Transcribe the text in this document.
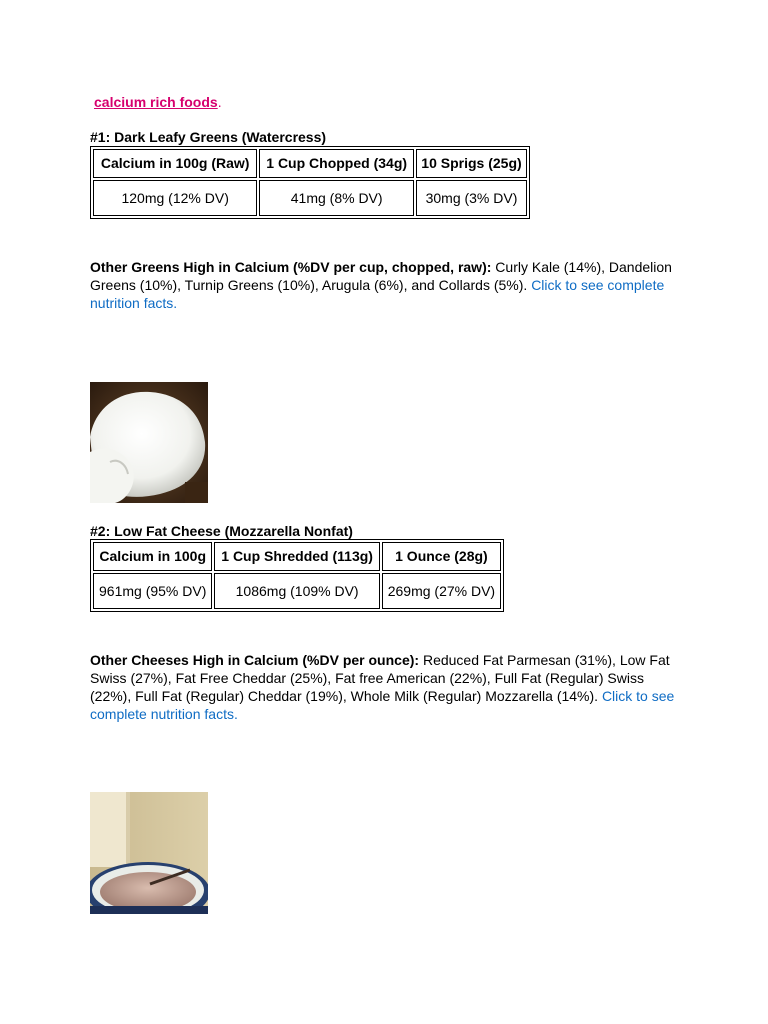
calcium rich foods.
#1: Dark Leafy Greens (Watercress)
Calcium in 100g (Raw)	1 Cup Chopped (34g)	10 Sprigs (25g)
120mg (12% DV)	41mg (8% DV)	30mg (3% DV)
Other Greens High in Calcium (%DV per cup, chopped, raw): Curly Kale (14%), Dandelion Greens (10%), Turnip Greens (10%), Arugula (6%), and Collards (5%). Click to see complete nutrition facts.
#2: Low Fat Cheese (Mozzarella Nonfat)
Calcium in 100g	1 Cup Shredded (113g)	1 Ounce (28g)
961mg (95% DV)	1086mg (109% DV)	269mg (27% DV)
Other Cheeses High in Calcium (%DV per ounce): Reduced Fat Parmesan (31%), Low Fat Swiss (27%), Fat Free Cheddar (25%), Fat free American (22%), Full Fat (Regular) Swiss (22%), Full Fat (Regular) Cheddar (19%), Whole Milk (Regular) Mozzarella (14%). Click to see complete nutrition facts.
